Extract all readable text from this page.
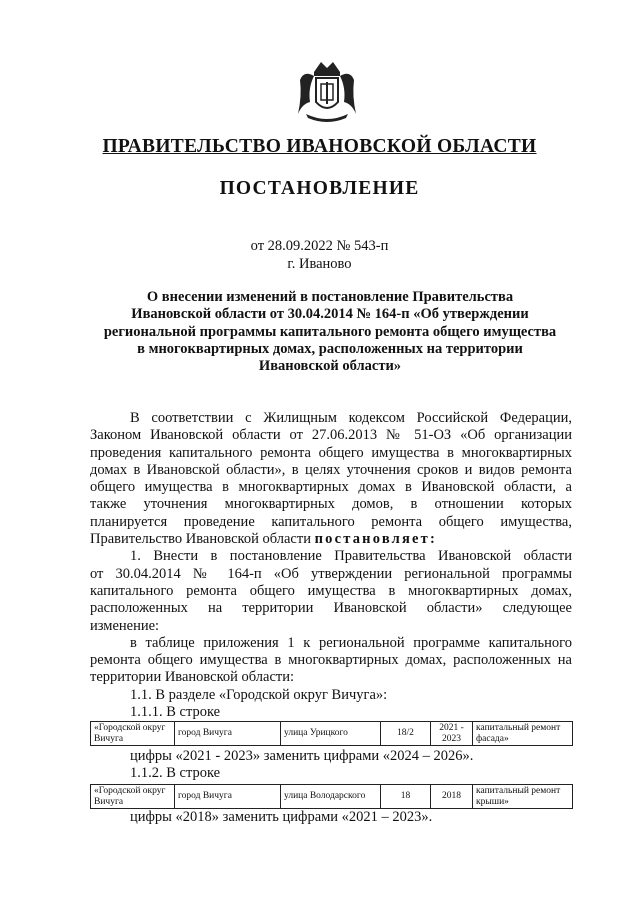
ПРАВИТЕЛЬСТВО ИВАНОВСКОЙ ОБЛАСТИ
ПОСТАНОВЛЕНИЕ
от 28.09.2022 № 543-п
г. Иваново
О внесении изменений в постановление Правительства
Ивановской области от 30.04.2014 № 164-п «Об утверждении
региональной программы капитального ремонта общего имущества
в многоквартирных домах, расположенных на территории
Ивановской области»
В соответствии с Жилищным кодексом Российской Федерации,
Законом Ивановской области от 27.06.2013 № 51-ОЗ «Об организации
проведения капитального ремонта общего имущества в многоквартирных
домах в Ивановской области», в целях уточнения сроков и видов ремонта
общего имущества в многоквартирных домах в Ивановской области, а
также уточнения многоквартирных домов, в отношении которых
планируется проведение капитального ремонта общего имущества,
Правительство Ивановской области постановляет:
1. Внести в постановление Правительства Ивановской области
от 30.04.2014 № 164-п «Об утверждении региональной программы
капитального ремонта общего имущества в многоквартирных домах,
расположенных на территории Ивановской области» следующее
изменение:
в таблице приложения 1 к региональной программе капитального
ремонта общего имущества в многоквартирных домах, расположенных на
территории Ивановской области:
1.1. В разделе «Городской округ Вичуга»:
1.1.1. В строке
«Городской округ Вичуга	город Вичуга	улица Урицкого	18/2	2021 - 2023	капитальный ремонт фасада»
цифры «2021 - 2023» заменить цифрами «2024 – 2026».
1.1.2. В строке
«Городской округ Вичуга	город Вичуга	улица Володарского	18	2018	капитальный ремонт крыши»
цифры «2018» заменить цифрами «2021 – 2023».
